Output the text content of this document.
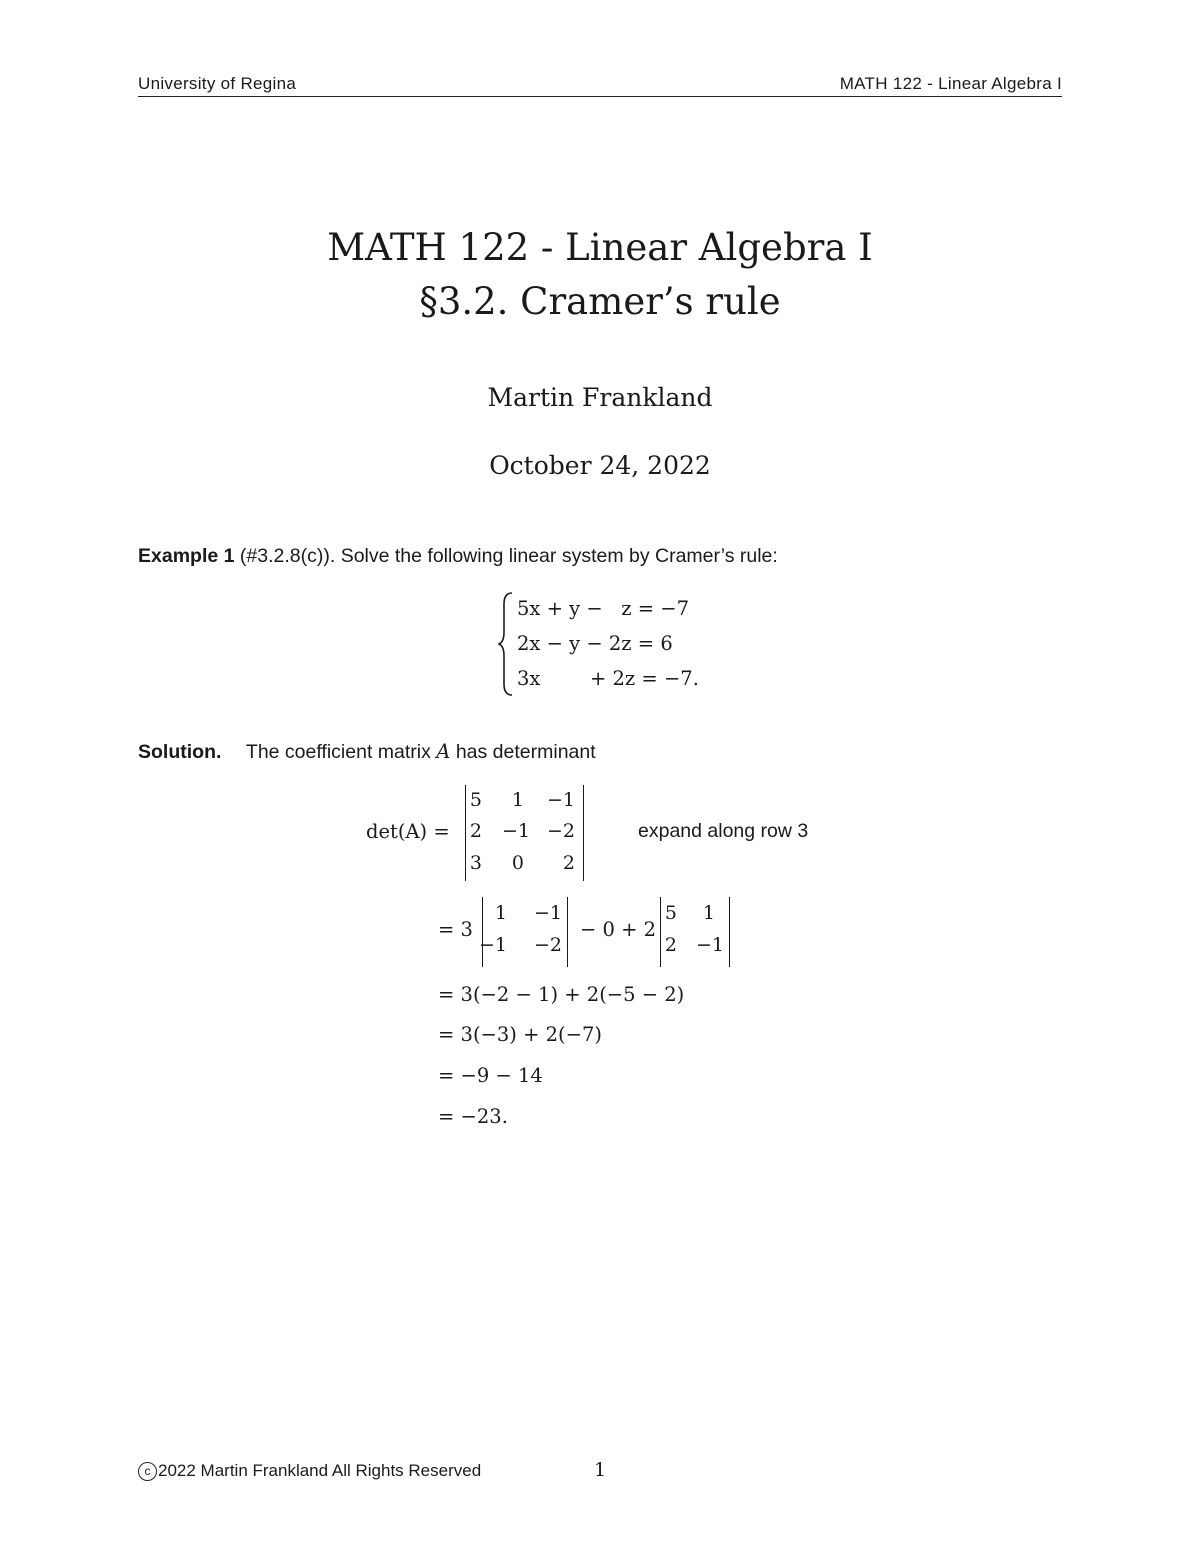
University of Regina	MATH 122 - Linear Algebra I
MATH 122 - Linear Algebra I
§3.2. Cramer’s rule
Martin Frankland
October 24, 2022
Example 1 (#3.2.8(c)). Solve the following linear system by Cramer’s rule:
5x + y −   z = −7
2x − y − 2z = 6
3x        + 2z = −7.
Solution. The coefficient matrix A has determinant
det(A) =
5	1	−1
2	−1 −2
3	0	2
expand along row 3
= 3
1	−1
−1	−2
− 0 + 2
5	1
2 −1
= 3(−2 − 1) + 2(−5 − 2)
= 3(−3) + 2(−7)
= −9 − 14
= −23.
c 2022 Martin Frankland All Rights Reserved	1
